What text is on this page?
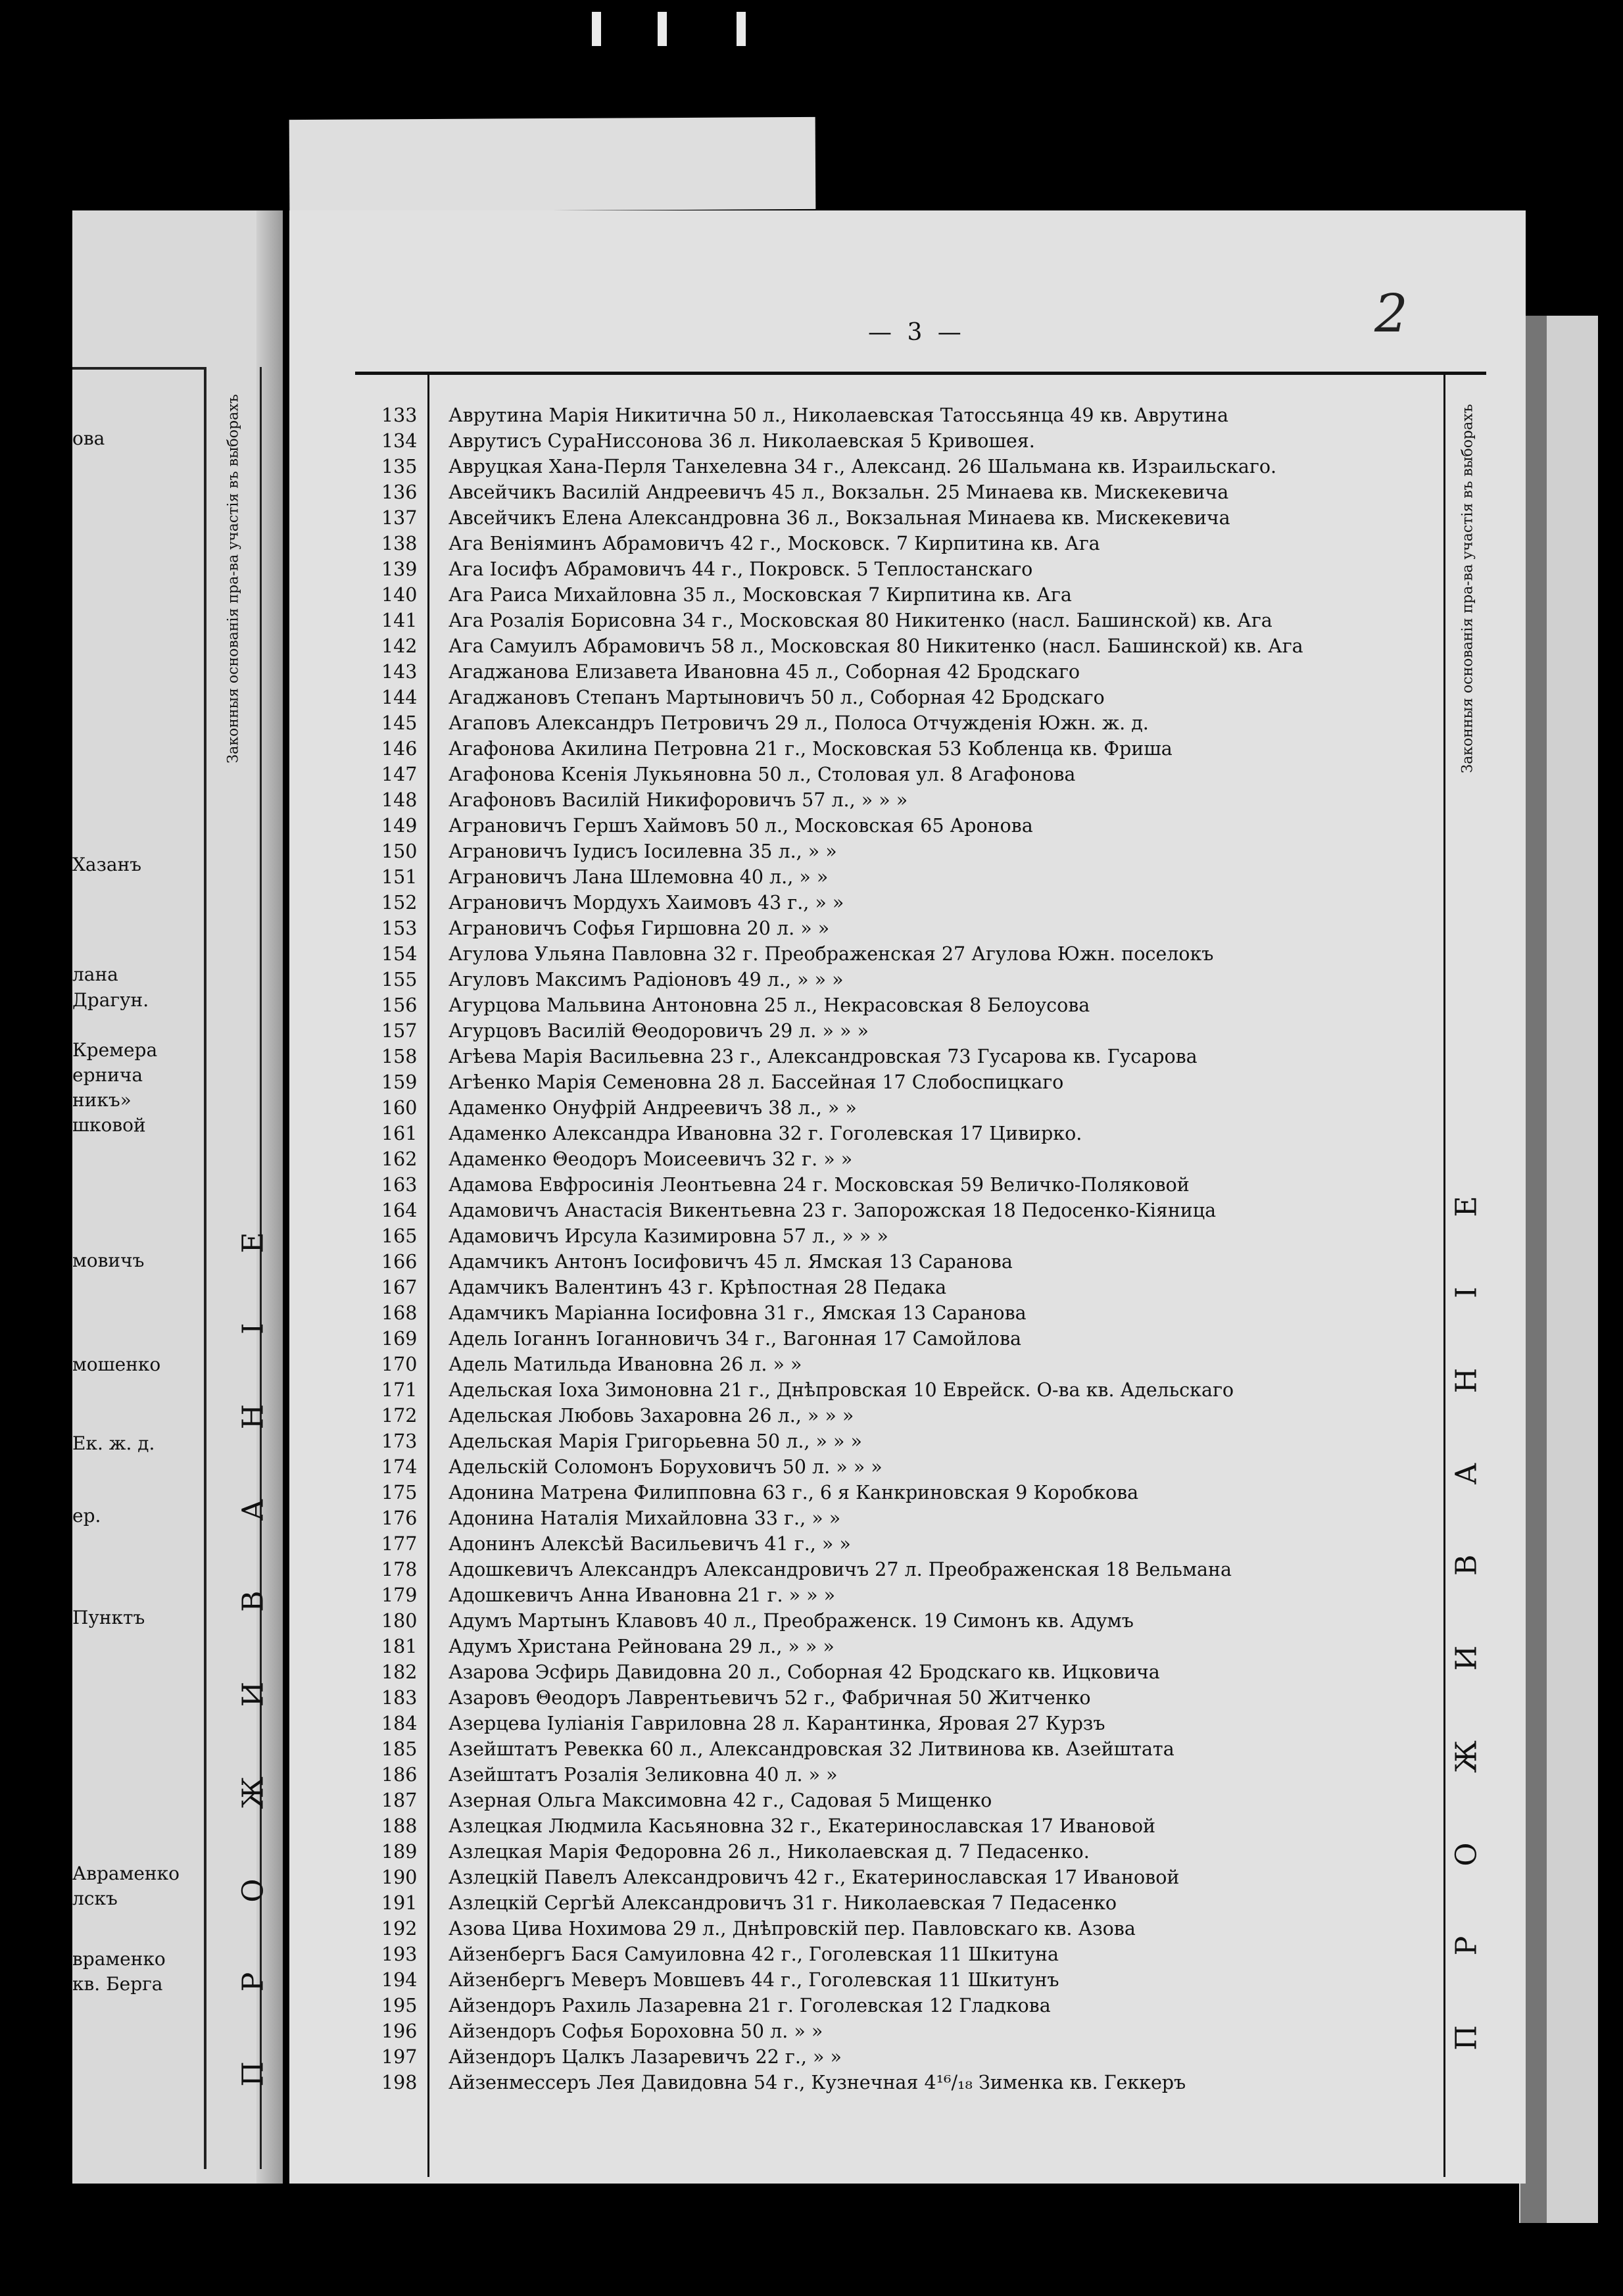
Законныя основанія пра-ва участія въ выборахъ
П Р О Ж И В А Н І Е
ова
Хазанъ
лана
Драгун.
Кремера
ернича
никъ»
шковой
мовичъ
мошенко
Ек. ж. д.
ер.
Пунктъ
Авраменко
лскъ
враменко
кв. Берга
— 3 —	2
Законныя основанія пра-ва участія въ выборахъ
П Р О Ж И В А Н І Е
133	Аврутина Марія Никитична 50 л., Николаевская Татоссьянца 49 кв. Аврутина
134	Аврутисъ СураНиссонова 36 л. Николаевская 5 Кривошея.
135	Авруцкая Хана-Перля Танхелевна 34 г., Александ. 26 Шальмана кв. Израильскаго.
136	Авсейчикъ Василій Андреевичъ 45 л., Вокзальн. 25 Минаева кв. Мискекевича
137	Авсейчикъ Елена Александровна 36 л., Вокзальная Минаева кв. Мискекевича
138	Ага Веніяминъ Абрамовичъ 42 г., Московск. 7 Кирпитина кв. Ага
139	Ага Іосифъ Абрамовичъ 44 г., Покровск. 5 Теплостанскаго
140	Ага Раиса Михайловна 35 л., Московская 7 Кирпитина кв. Ага
141	Ага Розалія Борисовна 34 г., Московская 80 Никитенко (насл. Башинской) кв. Ага
142	Ага Самуилъ Абрамовичъ 58 л., Московская 80 Никитенко (насл. Башинской) кв. Ага
143	Агаджанова Елизавета Ивановна 45 л., Соборная 42 Бродскаго
144	Агаджановъ Степанъ Мартыновичъ 50 л., Соборная 42 Бродскаго
145	Агаповъ Александръ Петровичъ 29 л., Полоса Отчужденія Южн. ж. д.
146	Агафонова Акилина Петровна 21 г., Московская 53 Кобленца кв. Фриша
147	Агафонова Ксенія Лукьяновна 50 л., Столовая ул. 8 Агафонова
148	Агафоновъ Василій Никифоровичъ 57 л., » » »
149	Аграновичъ Гершъ Хаймовъ 50 л., Московская 65 Аронова
150	Аграновичъ Іудисъ Іосилевна 35 л., » »
151	Аграновичъ Лана Шлемовна 40 л., » »
152	Аграновичъ Мордухъ Хаимовъ 43 г., » »
153	Аграновичъ Софья Гиршовна 20 л. » »
154	Агулова Ульяна Павловна 32 г. Преображенская 27 Агулова Южн. поселокъ
155	Агуловъ Максимъ Радіоновъ 49 л., » » »
156	Агурцова Мальвина Антоновна 25 л., Некрасовская 8 Белоусова
157	Агурцовъ Василій Θеодоровичъ 29 л. » » »
158	Агѣева Марія Васильевна 23 г., Александровская 73 Гусарова кв. Гусарова
159	Агѣенко Марія Семеновна 28 л. Бассейная 17 Слобоспицкаго
160	Адаменко Онуфрій Андреевичъ 38 л., » »
161	Адаменко Александра Ивановна 32 г. Гоголевская 17 Цивирко.
162	Адаменко Θеодоръ Моисеевичъ 32 г. » »
163	Адамова Евфросинія Леонтьевна 24 г. Московская 59 Величко-Поляковой
164	Адамовичъ Анастасія Викентьевна 23 г. Запорожская 18 Педосенко-Кіяница
165	Адамовичъ Ирсула Казимировна 57 л., » » »
166	Адамчикъ Антонъ Іосифовичъ 45 л. Ямская 13 Саранова
167	Адамчикъ Валентинъ 43 г. Крѣпостная 28 Педака
168	Адамчикъ Маріанна Іосифовна 31 г., Ямская 13 Саранова
169	Адель Іоганнъ Іоганновичъ 34 г., Вагонная 17 Самойлова
170	Адель Матильда Ивановна 26 л. » »
171	Адельская Іоха Зимоновна 21 г., Днѣпровская 10 Еврейск. О-ва кв. Адельскаго
172	Адельская Любовь Захаровна 26 л., » » »
173	Адельская Марія Григорьевна 50 л., » » »
174	Адельскій Соломонъ Боруховичъ 50 л. » » »
175	Адонина Матрена Филипповна 63 г., 6 я Канкриновская 9 Коробкова
176	Адонина Наталія Михайловна 33 г., » »
177	Адонинъ Алексѣй Васильевичъ 41 г., » »
178	Адошкевичъ Александръ Александровичъ 27 л. Преображенская 18 Вельмана
179	Адошкевичъ Анна Ивановна 21 г. » » »
180	Адумъ Мартынъ Клавовъ 40 л., Преображенск. 19 Симонъ кв. Адумъ
181	Адумъ Христана Рейнована 29 л., » » »
182	Азарова Эсфирь Давидовна 20 л., Соборная 42 Бродскаго кв. Ицковича
183	Азаровъ Θеодоръ Лаврентьевичъ 52 г., Фабричная 50 Житченко
184	Азерцева Іуліанія Гавриловна 28 л. Карантинка, Яровая 27 Курзъ
185	Азейштатъ Ревекка 60 л., Александровская 32 Литвинова кв. Азейштата
186	Азейштатъ Розалія Зеликовна 40 л. » »
187	Азерная Ольга Максимовна 42 г., Садовая 5 Мищенко
188	Азлецкая Людмила Касьяновна 32 г., Екатеринославская 17 Ивановой
189	Азлецкая Марія Федоровна 26 л., Николаевская д. 7 Педасенко.
190	Азлецкій Павелъ Александровичъ 42 г., Екатеринославская 17 Ивановой
191	Азлецкій Сергѣй Александровичъ 31 г. Николаевская 7 Педасенко
192	Азова Цива Нохимова 29 л., Днѣпровскій пер. Павловскаго кв. Азова
193	Айзенбергъ Бася Самуиловна 42 г., Гоголевская 11 Шкитуна
194	Айзенбергъ Меверъ Мовшевъ 44 г., Гоголевская 11 Шкитунъ
195	Айзендоръ Рахиль Лазаревна 21 г. Гоголевская 12 Гладкова
196	Айзендоръ Софья Бороховна 50 л. » »
197	Айзендоръ Цалкъ Лазаревичъ 22 г., » »
198	Айзенмессеръ Лея Давидовна 54 г., Кузнечная 4¹⁶/₁₈ Зименка кв. Геккеръ
